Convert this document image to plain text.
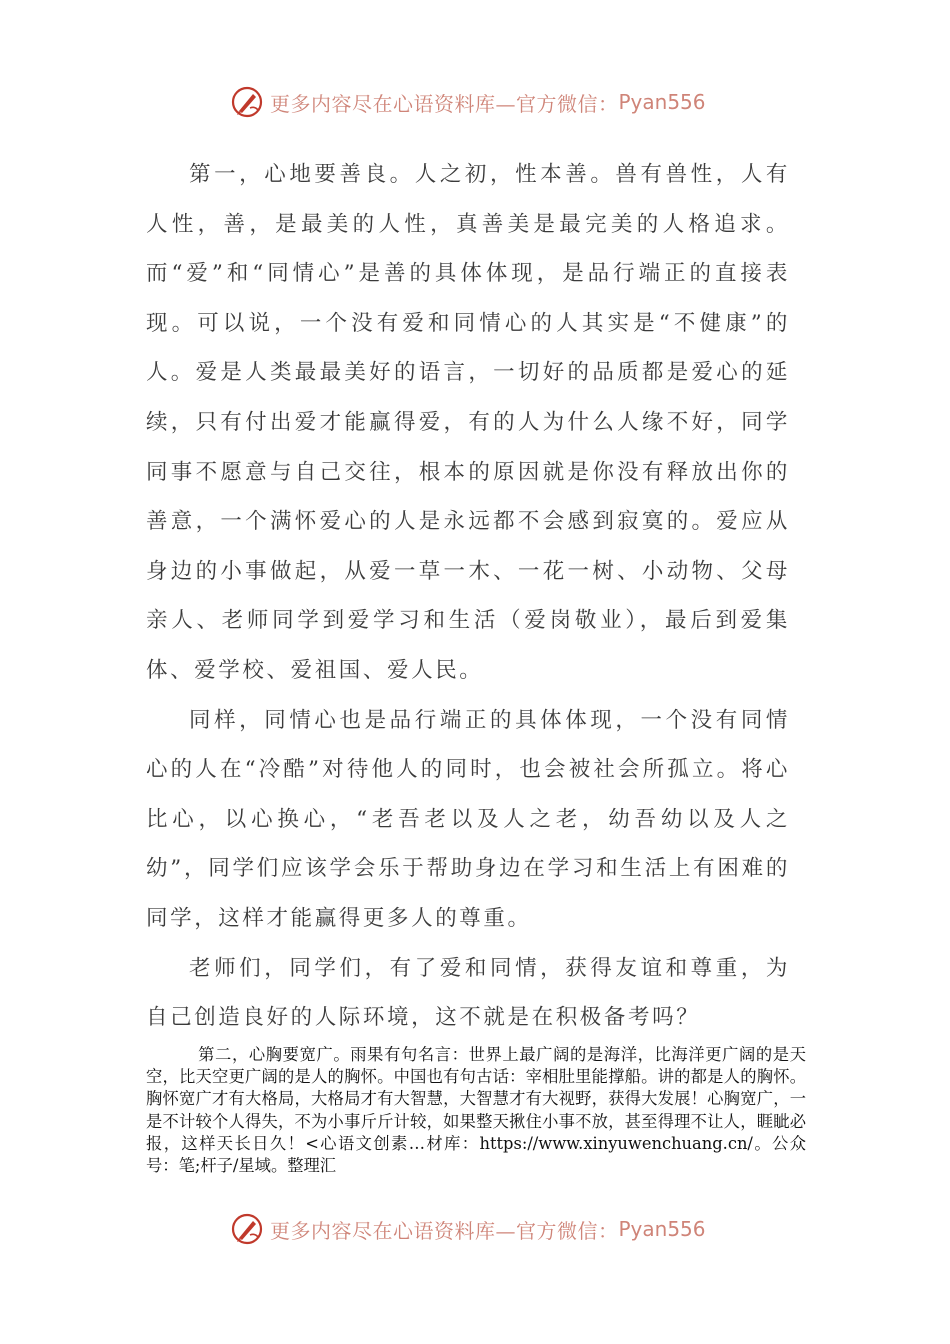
更多内容尽在心语资料库—官方微信： Pyan556

第一，心地要善良。人之初，性本善。兽有兽性，人有人性，善，是最美的人性，真善美是最完美的人格追求。而“爱”和“同情心”是善的具体体现，是品行端正的直接表现。可以说，一个没有爱和同情心的人其实是“不健康”的人。爱是人类最最美好的语言，一切好的品质都是爱心的延续，只有付出爱才能赢得爱，有的人为什么人缘不好，同学同事不愿意与自己交往，根本的原因就是你没有释放出你的善意，一个满怀爱心的人是永远都不会感到寂寞的。爱应从身边的小事做起，从爱一草一木、一花一树、小动物、父母亲人、老师同学到爱学习和生活（爱岗敬业），最后到爱集体、爱学校、爱祖国、爱人民。

同样，同情心也是品行端正的具体体现，一个没有同情心的人在“冷酷”对待他人的同时，也会被社会所孤立。将心比心，以心换心，“老吾老以及人之老，幼吾幼以及人之幼”，同学们应该学会乐于帮助身边在学习和生活上有困难的同学，这样才能赢得更多人的尊重。

老师们，同学们，有了爱和同情，获得友谊和尊重，为自己创造良好的人际环境，这不就是在积极备考吗？

第二，心胸要宽广。雨果有句名言：世界上最广阔的是海洋，比海洋更广阔的是天空，比天空更广阔的是人的胸怀。中国也有句古话：宰相肚里能撑船。讲的都是人的胸怀。胸怀宽广才有大格局，大格局才有大智慧，大智慧才有大视野，获得大发展！心胸宽广，一是不计较个人得失，不为小事斤斤计较，如果整天揪住小事不放，甚至得理不让人，睚眦必报，这样天长日久！<心语文创素…材库：https://www.xinyuwenchuang.cn/。公众号：笔;杆子/星域。整理汇

更多内容尽在心语资料库—官方微信： Pyan556
